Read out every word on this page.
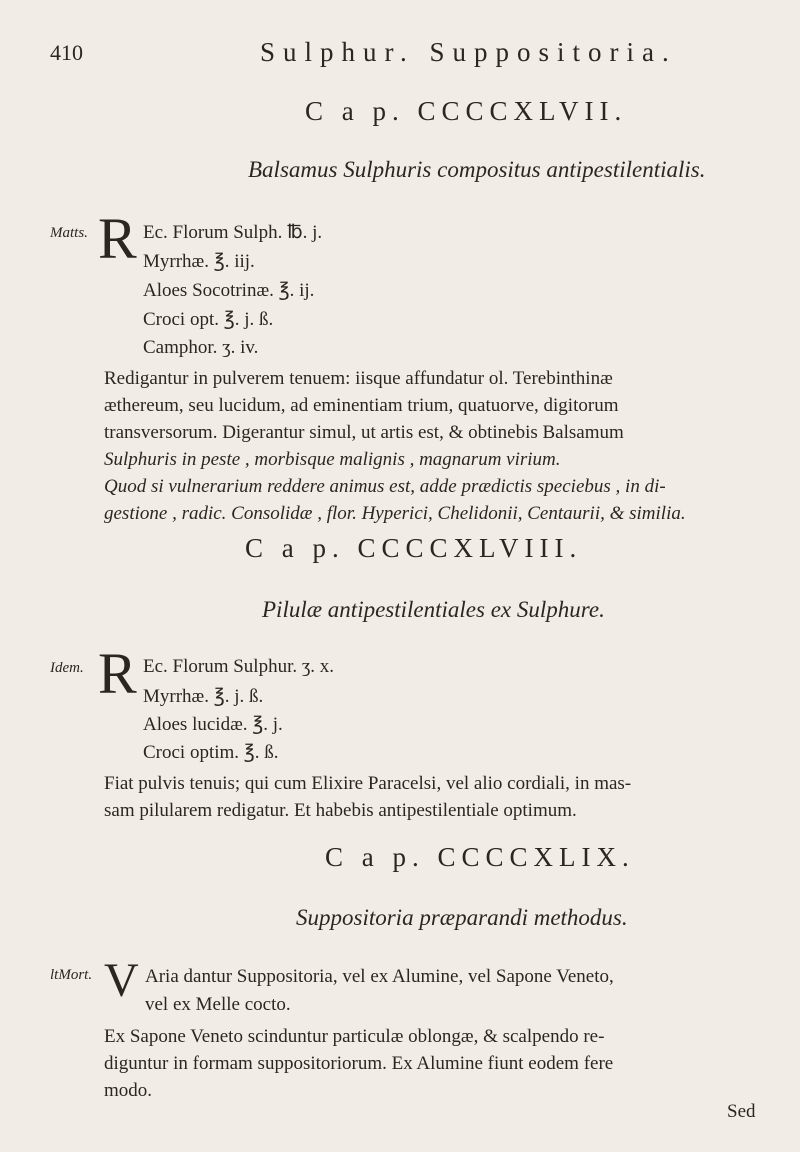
410	Sulphur. Suppositoria.
C a p. CCCCXLVII.
Balsamus Sulphuris compositus antipestilentialis.
Matts. R Ec. Florum Sulph. ℔. j.
Myrrhæ. ℥. iij.
Aloes Socotrinæ. ℥. ij.
Croci opt. ℥. j. ß.
Camphor. ʒ. iv.
Redigantur in pulverem tenuem: iisque affundatur ol. Terebinthinæ
æthereum, seu lucidum, ad eminentiam trium, quatuorve, digitorum
transversorum. Digerantur simul, ut artis est, & obtinebis Balsamum
Sulphuris in peste , morbisque malignis , magnarum virium.
Quod si vulnerarium reddere animus est, adde prædictis speciebus , in di-
gestione , radic. Consolidæ , flor. Hyperici, Chelidonii, Centaurii, & similia.
C a p. CCCCXLVIII.
Pilulæ antipestilentiales ex Sulphure.
Idem. R Ec. Florum Sulphur. ʒ. x.
Myrrhæ. ℥. j. ß.
Aloes lucidæ. ℥. j.
Croci optim. ℥. ß.
Fiat pulvis tenuis; qui cum Elixire Paracelsi, vel alio cordiali, in mas-
sam pilularem redigatur. Et habebis antipestilentiale optimum.
C a p. CCCCXLIX.
Suppositoria præparandi methodus.
ltMort. V Aria dantur Suppositoria, vel ex Alumine, vel Sapone Veneto,
vel ex Melle cocto.
Ex Sapone Veneto scinduntur particulæ oblongæ, & scalpendo re-
diguntur in formam suppositoriorum. Ex Alumine fiunt eodem fere
modo.
Sed
